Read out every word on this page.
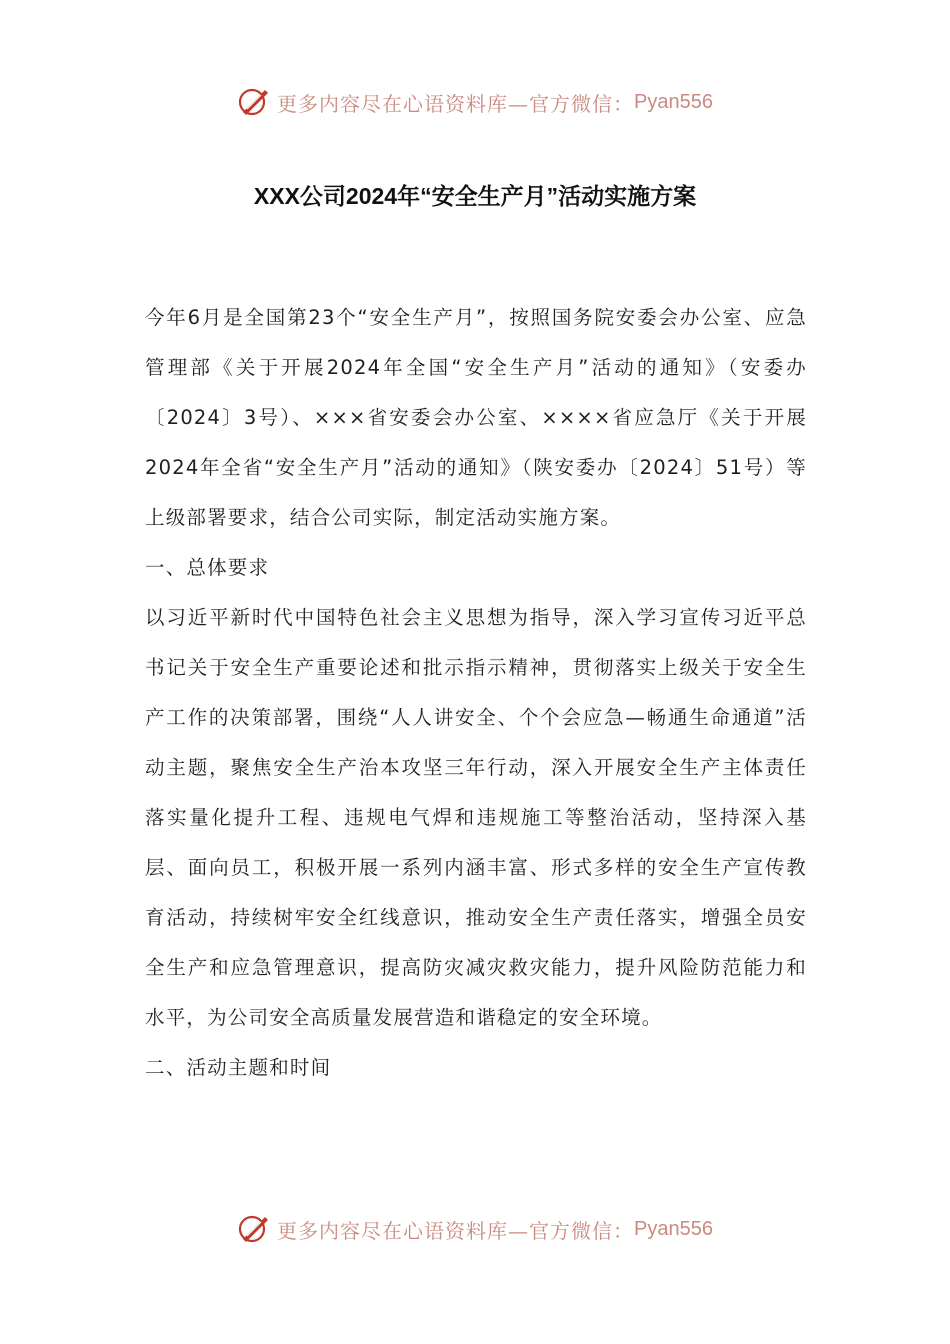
更多内容尽在心语资料库—官方微信： Pyan556
XXX公司2024年“安全生产月”活动实施方案

今年6月是全国第23个“安全生产月”，按照国务院安委会办公室、应急管理部《关于开展2024年全国“安全生产月”活动的通知》（安委办〔2024〕3号）、×××省安委会办公室、××××省应急厅《关于开展2024年全省“安全生产月”活动的通知》（陕安委办〔2024〕51号）等上级部署要求，结合公司实际，制定活动实施方案。

一、总体要求

以习近平新时代中国特色社会主义思想为指导，深入学习宣传习近平总书记关于安全生产重要论述和批示指示精神，贯彻落实上级关于安全生产工作的决策部署，围绕“人人讲安全、个个会应急—畅通生命通道”活动主题，聚焦安全生产治本攻坚三年行动，深入开展安全生产主体责任落实量化提升工程、违规电气焊和违规施工等整治活动，坚持深入基层、面向员工，积极开展一系列内涵丰富、形式多样的安全生产宣传教育活动，持续树牢安全红线意识，推动安全生产责任落实，增强全员安全生产和应急管理意识，提高防灾减灾救灾能力，提升风险防范能力和水平，为公司安全高质量发展营造和谐稳定的安全环境。

二、活动主题和时间

更多内容尽在心语资料库—官方微信： Pyan556
